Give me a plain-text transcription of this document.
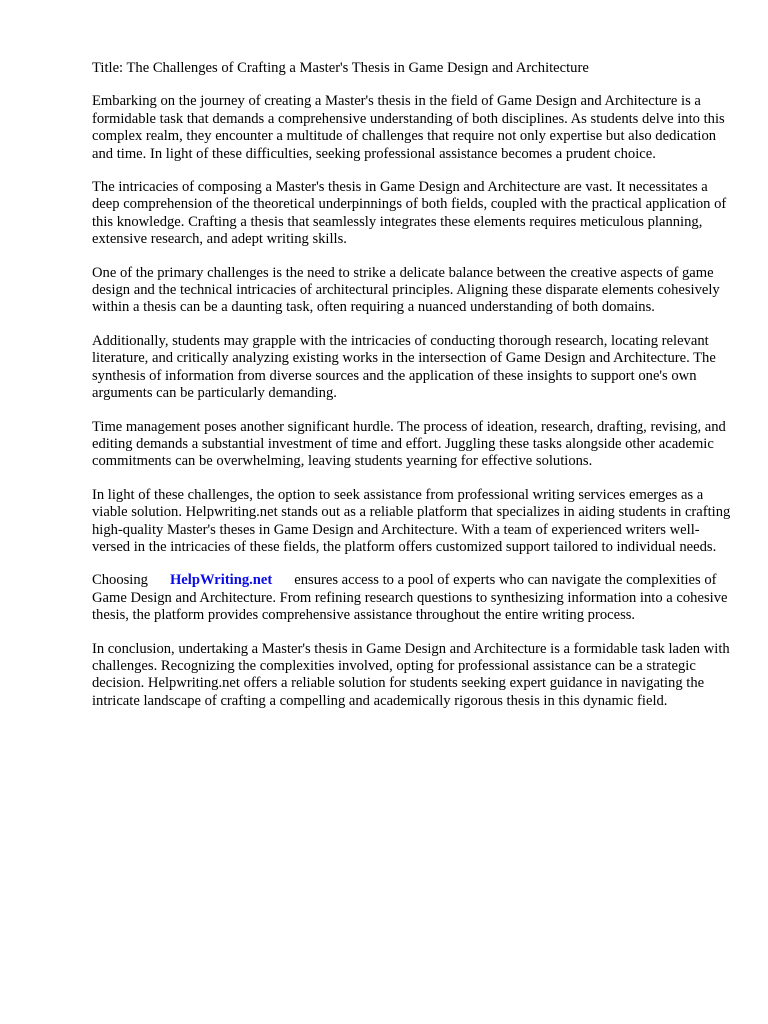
Title: The Challenges of Crafting a Master's Thesis in Game Design and Architecture

Embarking on the journey of creating a Master's thesis in the field of Game Design and Architecture is a formidable task that demands a comprehensive understanding of both disciplines. As students delve into this complex realm, they encounter a multitude of challenges that require not only expertise but also dedication and time. In light of these difficulties, seeking professional assistance becomes a prudent choice.

The intricacies of composing a Master's thesis in Game Design and Architecture are vast. It necessitates a deep comprehension of the theoretical underpinnings of both fields, coupled with the practical application of this knowledge. Crafting a thesis that seamlessly integrates these elements requires meticulous planning, extensive research, and adept writing skills.

One of the primary challenges is the need to strike a delicate balance between the creative aspects of game design and the technical intricacies of architectural principles. Aligning these disparate elements cohesively within a thesis can be a daunting task, often requiring a nuanced understanding of both domains.

Additionally, students may grapple with the intricacies of conducting thorough research, locating relevant literature, and critically analyzing existing works in the intersection of Game Design and Architecture. The synthesis of information from diverse sources and the application of these insights to support one's own arguments can be particularly demanding.

Time management poses another significant hurdle. The process of ideation, research, drafting, revising, and editing demands a substantial investment of time and effort. Juggling these tasks alongside other academic commitments can be overwhelming, leaving students yearning for effective solutions.

In light of these challenges, the option to seek assistance from professional writing services emerges as a viable solution. Helpwriting.net stands out as a reliable platform that specializes in aiding students in crafting high-quality Master's theses in Game Design and Architecture. With a team of experienced writers well-versed in the intricacies of these fields, the platform offers customized support tailored to individual needs.

Choosing HelpWriting.net ensures access to a pool of experts who can navigate the complexities of Game Design and Architecture. From refining research questions to synthesizing information into a cohesive thesis, the platform provides comprehensive assistance throughout the entire writing process.

In conclusion, undertaking a Master's thesis in Game Design and Architecture is a formidable task laden with challenges. Recognizing the complexities involved, opting for professional assistance can be a strategic decision. Helpwriting.net offers a reliable solution for students seeking expert guidance in navigating the intricate landscape of crafting a compelling and academically rigorous thesis in this dynamic field.
